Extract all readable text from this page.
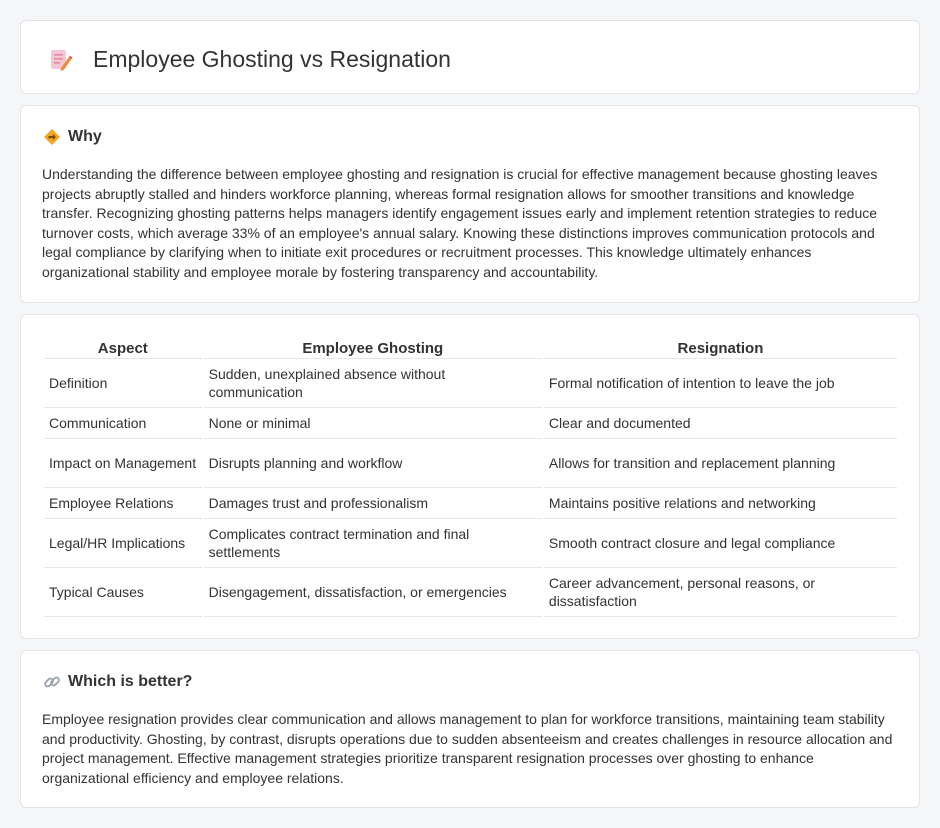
Employee Ghosting vs Resignation
Why

Understanding the difference between employee ghosting and resignation is crucial for effective management because ghosting leaves projects abruptly stalled and hinders workforce planning, whereas formal resignation allows for smoother transitions and knowledge transfer. Recognizing ghosting patterns helps managers identify engagement issues early and implement retention strategies to reduce turnover costs, which average 33% of an employee's annual salary. Knowing these distinctions improves communication protocols and legal compliance by clarifying when to initiate exit procedures or recruitment processes. This knowledge ultimately enhances organizational stability and employee morale by fostering transparency and accountability.

Aspect	Employee Ghosting	Resignation
Definition	Sudden, unexplained absence without communication	Formal notification of intention to leave the job
Communication	None or minimal	Clear and documented
Impact on Management	Disrupts planning and workflow	Allows for transition and replacement planning
Employee Relations	Damages trust and professionalism	Maintains positive relations and networking
Legal/HR Implications	Complicates contract termination and final settlements	Smooth contract closure and legal compliance
Typical Causes	Disengagement, dissatisfaction, or emergencies	Career advancement, personal reasons, or dissatisfaction
Which is better?

Employee resignation provides clear communication and allows management to plan for workforce transitions, maintaining team stability and productivity. Ghosting, by contrast, disrupts operations due to sudden absenteeism and creates challenges in resource allocation and project management. Effective management strategies prioritize transparent resignation processes over ghosting to enhance organizational efficiency and employee relations.
